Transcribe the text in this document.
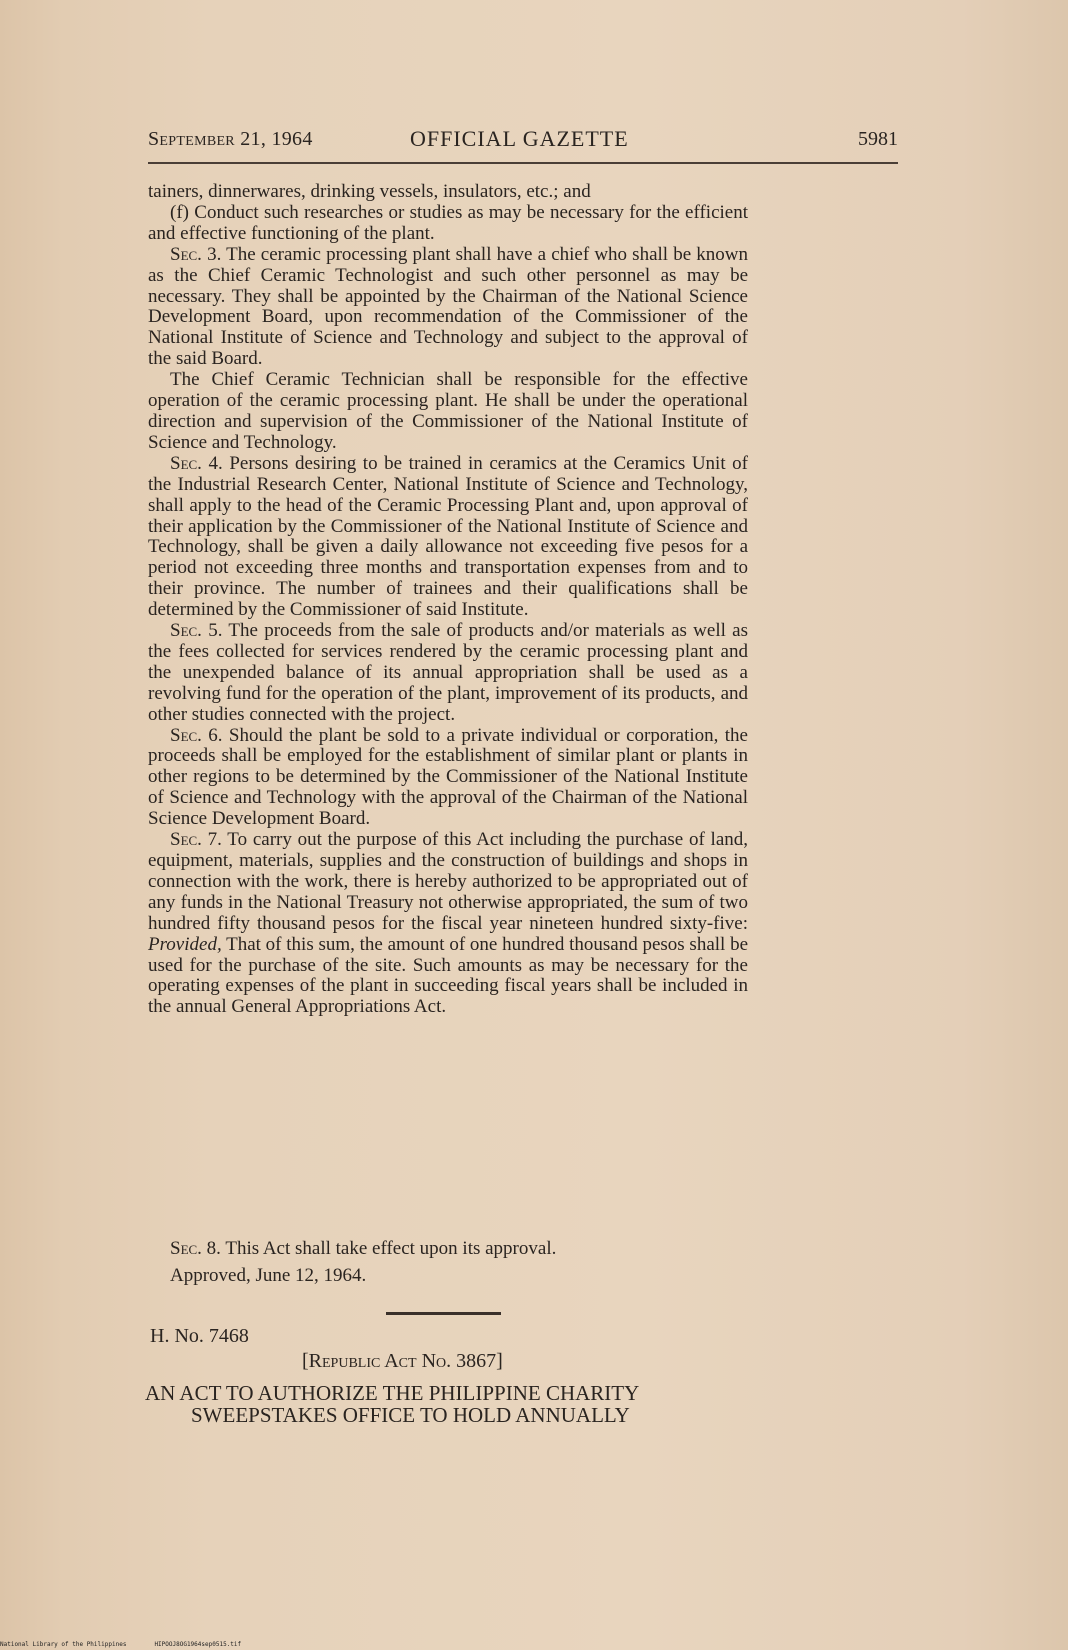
September 21, 1964	OFFICIAL GAZETTE	5981

tainers, dinnerwares, drinking vessels, insulators, etc.; and

(f) Conduct such researches or studies as may be necessary for the efficient and effective functioning of the plant.

Sec. 3. The ceramic processing plant shall have a chief who shall be known as the Chief Ceramic Technologist and such other personnel as may be necessary. They shall be appointed by the Chairman of the National Science Development Board, upon recommendation of the Commissioner of the National Institute of Science and Technology and subject to the approval of the said Board.

The Chief Ceramic Technician shall be responsible for the effective operation of the ceramic processing plant. He shall be under the operational direction and supervision of the Commissioner of the National Institute of Science and Technology.

Sec. 4. Persons desiring to be trained in ceramics at the Ceramics Unit of the Industrial Research Center, National Institute of Science and Technology, shall apply to the head of the Ceramic Processing Plant and, upon approval of their application by the Commissioner of the National Institute of Science and Technology, shall be given a daily allowance not exceeding five pesos for a period not exceeding three months and transportation expenses from and to their province. The number of trainees and their qualifications shall be determined by the Commissioner of said Institute.

Sec. 5. The proceeds from the sale of products and/or materials as well as the fees collected for services rendered by the ceramic processing plant and the unexpended balance of its annual appropriation shall be used as a revolving fund for the operation of the plant, improvement of its products, and other studies connected with the project.

Sec. 6. Should the plant be sold to a private individual or corporation, the proceeds shall be employed for the establishment of similar plant or plants in other regions to be determined by the Commissioner of the National Institute of Science and Technology with the approval of the Chairman of the National Science Development Board.

Sec. 7. To carry out the purpose of this Act including the purchase of land, equipment, materials, supplies and the construction of buildings and shops in connection with the work, there is hereby authorized to be appropriated out of any funds in the National Treasury not otherwise appropriated, the sum of two hundred fifty thousand pesos for the fiscal year nineteen hundred sixty-five: Provided, That of this sum, the amount of one hundred thousand pesos shall be used for the purchase of the site. Such amounts as may be necessary for the operating expenses of the plant in succeeding fiscal years shall be included in the annual General Appropriations Act.

Sec. 8. This Act shall take effect upon its approval.
Approved, June 12, 1964.
H. No. 7468
[Republic Act No. 3867]
AN ACT TO AUTHORIZE THE PHILIPPINE CHARITY
SWEEPSTAKES OFFICE TO HOLD ANNUALLY
National Library of the Philippines	HIPOOJ8OG1964sep0515.tif
